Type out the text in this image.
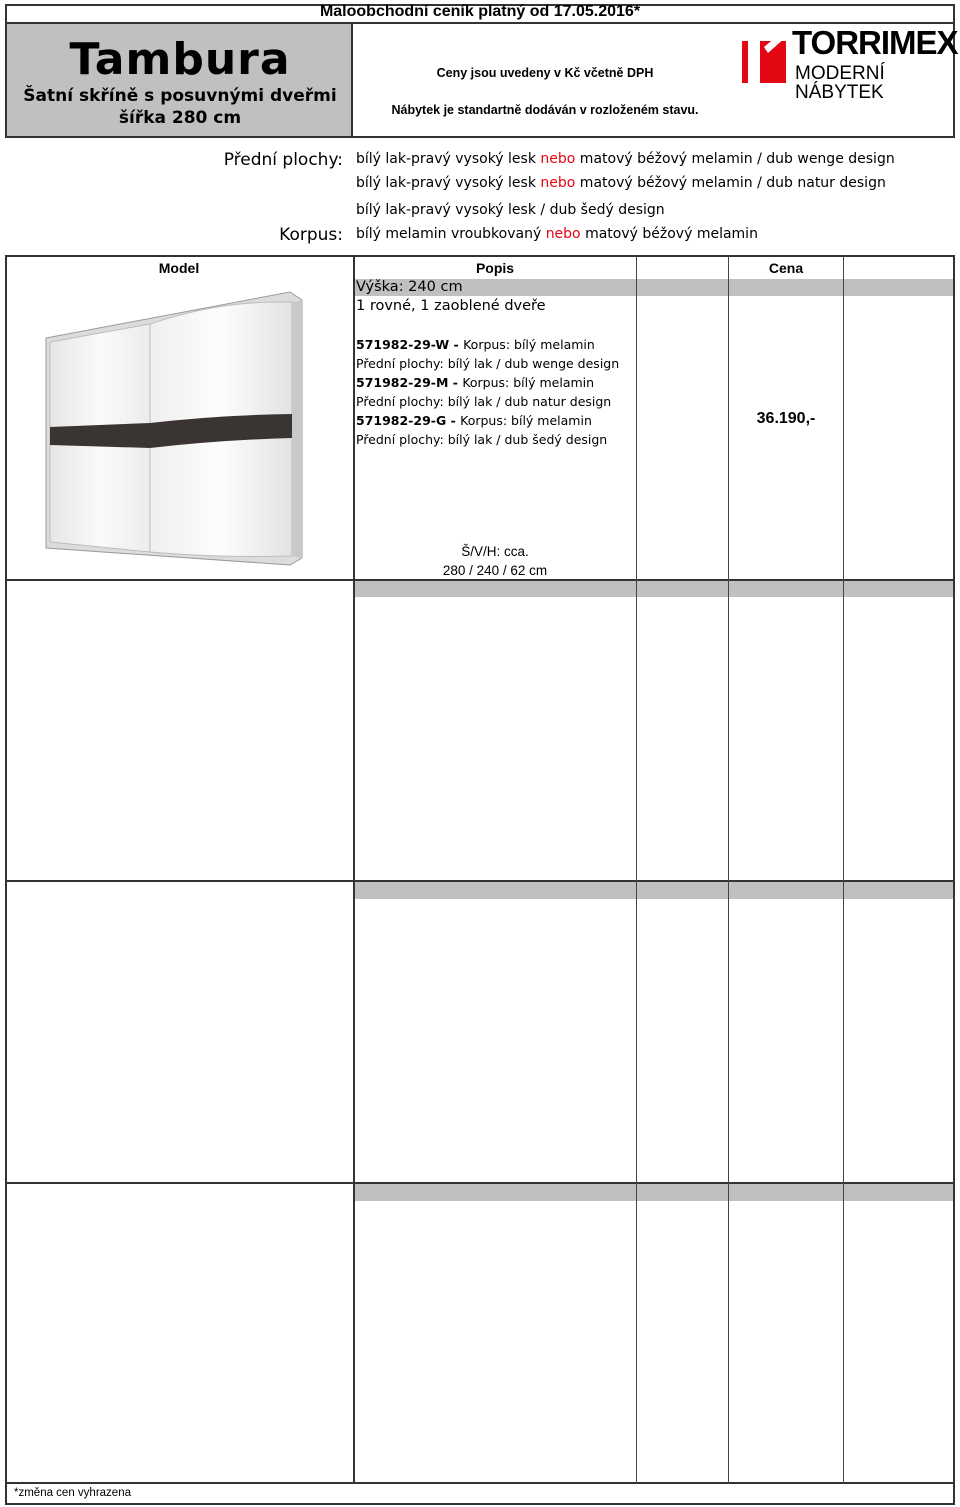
Maloobchodní ceník platný od 17.05.2016*
Tambura
Šatní skříně s posuvnými dveřmi
šířka 280 cm
Ceny jsou uvedeny v Kč včetně DPH
Nábytek je standartně dodáván v rozloženém stavu.
TORRIMEX
MODERNÍ NÁBYTEK
Přední plochy: bílý lak-pravý vysoký lesk nebo matový béžový melamin / dub wenge design
bílý lak-pravý vysoký lesk nebo matový béžový melamin / dub natur design
bílý lak-pravý vysoký lesk / dub šedý design
Korpus: bílý melamin vroubkovaný nebo matový béžový melamin
Model	Popis	Cena
Výška: 240 cm
1 rovné, 1 zaoblené dveře
571982-29-W - Korpus: bílý melamin
Přední plochy: bílý lak / dub wenge design
571982-29-M - Korpus: bílý melamin
Přední plochy: bílý lak / dub natur design
571982-29-G - Korpus: bílý melamin
Přední plochy: bílý lak / dub šedý design
36.190,-
Š/V/H: cca.
280 / 240 / 62 cm
*změna cen vyhrazena
